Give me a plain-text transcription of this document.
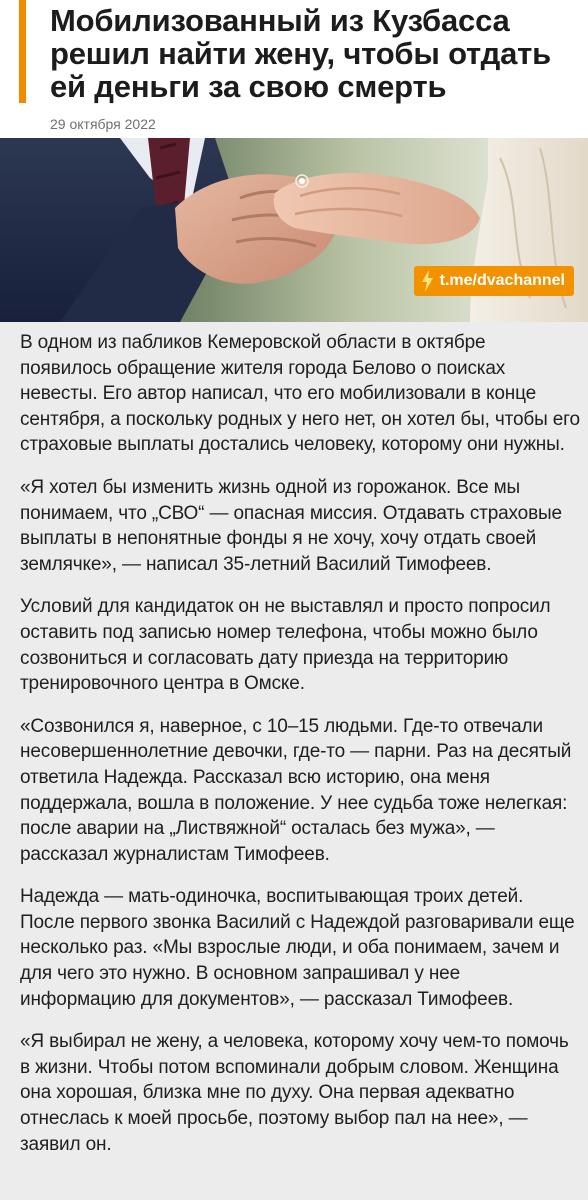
Мобилизованный из Кузбасса решил найти жену, чтобы отдать ей деньги за свою смерть
29 октября 2022
t.me/dvachannel

В одном из пабликов Кемеровской области в октябре появилось обращение жителя города Белово о поисках невесты. Его автор написал, что его мобилизовали в конце сентября, а поскольку родных у него нет, он хотел бы, чтобы его страховые выплаты достались человеку, которому они нужны.

«Я хотел бы изменить жизнь одной из горожанок. Все мы понимаем, что „СВО“ — опасная миссия. Отдавать страховые выплаты в непонятные фонды я не хочу, хочу отдать своей землячке», — написал 35-летний Василий Тимофеев.

Условий для кандидаток он не выставлял и просто попросил оставить под записью номер телефона, чтобы можно было созвониться и согласовать дату приезда на территорию тренировочного центра в Омске.

«Созвонился я, наверное, с 10–15 людьми. Где-то отвечали несовершеннолетние девочки, где-то — парни. Раз на десятый ответила Надежда. Рассказал всю историю, она меня поддержала, вошла в положение. У нее судьба тоже нелегкая: после аварии на „Листвяжной“ осталась без мужа», — рассказал журналистам Тимофеев.

Надежда — мать-одиночка, воспитывающая троих детей. После первого звонка Василий с Надеждой разговаривали еще несколько раз. «Мы взрослые люди, и оба понимаем, зачем и для чего это нужно. В основном запрашивал у нее информацию для документов», — рассказал Тимофеев.

«Я выбирал не жену, а человека, которому хочу чем-то помочь в жизни. Чтобы потом вспоминали добрым словом. Женщина она хорошая, близка мне по духу. Она первая адекватно отнеслась к моей просьбе, поэтому выбор пал на нее», — заявил он.
